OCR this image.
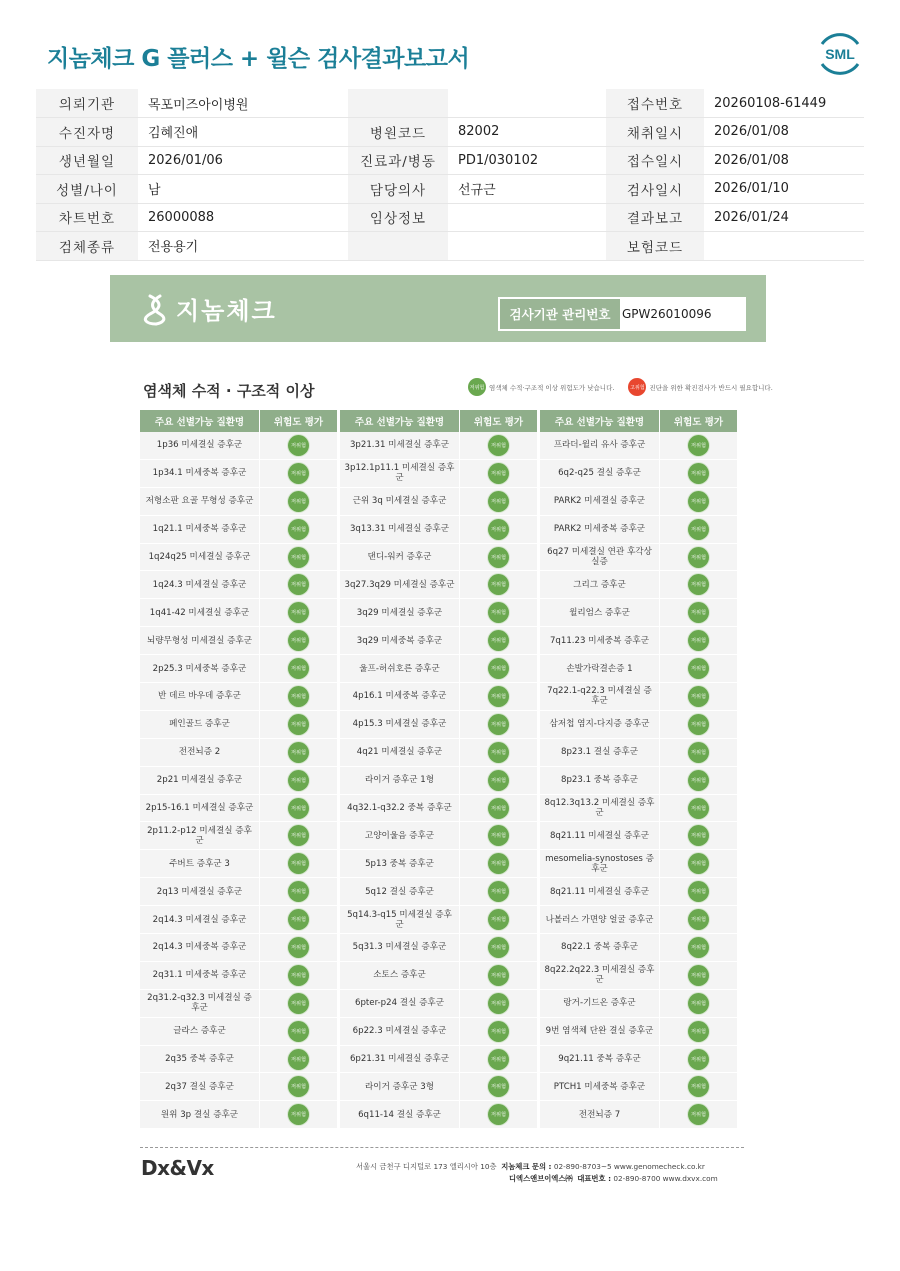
지놈체크 G 플러스 + 윌슨 검사결과보고서	SML
의뢰기관	목포미즈아이병원			접수번호	20260108-61449
수진자명	김혜진애	병원코드	82002	채취일시	2026/01/08
생년월일	2026/01/06	진료과/병동	PD1/030102	접수일시	2026/01/08
성별/나이	남	담당의사	선규근	검사일시	2026/01/10
차트번호	26000088	임상정보		결과보고	2026/01/24
검체종류	전용용기			보험코드	
지놈체크	검사기관 관리번호 GPW26010096
염색체 수적 · 구조적 이상	저위험 염색체 수적·구조적 이상 위험도가 낮습니다.	고위험 진단을 위한 확진검사가 반드시 필요합니다.
주요 선별가능 질환명	위험도 평가
1p36 미세결실 증후군	저위험
1p34.1 미세중복 증후군	저위험
저형소판 요골 무형성 증후군	저위험
1q21.1 미세중복 증후군	저위험
1q24q25 미세결실 증후군	저위험
1q24.3 미세결실 증후군	저위험
1q41-42 미세결실 증후군	저위험
뇌량무형성 미세결실 증후군	저위험
2p25.3 미세중복 증후군	저위험
반 데르 바우데 증후군	저위험
페인골드 증후군	저위험
전전뇌증 2	저위험
2p21 미세결실 증후군	저위험
2p15-16.1 미세결실 증후군	저위험
2p11.2-p12 미세결실 증후군	저위험
주버트 증후군 3	저위험
2q13 미세결실 증후군	저위험
2q14.3 미세결실 증후군	저위험
2q14.3 미세중복 증후군	저위험
2q31.1 미세중복 증후군	저위험
2q31.2-q32.3 미세결실 증후군	저위험
글라스 증후군	저위험
2q35 중복 증후군	저위험
2q37 결실 증후군	저위험
원위 3p 결실 증후군	저위험
주요 선별가능 질환명	위험도 평가
3p21.31 미세결실 증후군	저위험
3p12.1p11.1 미세결실 증후군	저위험
근위 3q 미세결실 증후군	저위험
3q13.31 미세결실 증후군	저위험
댄디-워커 증후군	저위험
3q27.3q29 미세결실 증후군	저위험
3q29 미세결실 증후군	저위험
3q29 미세중복 증후군	저위험
울프-허쉬호른 증후군	저위험
4p16.1 미세중복 증후군	저위험
4p15.3 미세결실 증후군	저위험
4q21 미세결실 증후군	저위험
라이거 증후군 1형	저위험
4q32.1-q32.2 중복 증후군	저위험
고양이울음 증후군	저위험
5p13 중복 증후군	저위험
5q12 결실 증후군	저위험
5q14.3-q15 미세결실 증후군	저위험
5q31.3 미세결실 증후군	저위험
소토스 증후군	저위험
6pter-p24 결실 증후군	저위험
6p22.3 미세결실 증후군	저위험
6p21.31 미세결실 증후군	저위험
라이거 증후군 3형	저위험
6q11-14 결실 증후군	저위험
주요 선별가능 질환명	위험도 평가
프라더-윌리 유사 증후군	저위험
6q2-q25 결실 증후군	저위험
PARK2 미세결실 증후군	저위험
PARK2 미세중복 증후군	저위험
6q27 미세결실 연관 후각상실증	저위험
그리그 증후군	저위험
윌리엄스 증후군	저위험
7q11.23 미세중복 증후군	저위험
손발가락결손증 1	저위험
7q22.1-q22.3 미세결실 증후군	저위험
삼저첩 염지-다지증 증후군	저위험
8p23.1 결실 증후군	저위험
8p23.1 중복 증후군	저위험
8q12.3q13.2 미세결실 증후군	저위험
8q21.11 미세결실 증후군	저위험
mesomelia-synostoses 증후군	저위험
8q21.11 미세결실 증후군	저위험
나볼러스 가면양 얼굴 증후군	저위험
8q22.1 중복 증후군	저위험
8q22.2q22.3 미세결실 증후군	저위험
랑거-기드온 증후군	저위험
9번 염색체 단완 결실 증후군	저위험
9q21.11 중복 증후군	저위험
PTCH1 미세중복 증후군	저위험
전전뇌증 7	저위험
Dx&Vx	서울시 금천구 디지털로 173 엘리시아 10층 지놈체크 문의 : 02-890-8703~5 www.genomecheck.co.kr
디엑스앤브이엑스㈜ 대표번호 : 02-890-8700 www.dxvx.com
